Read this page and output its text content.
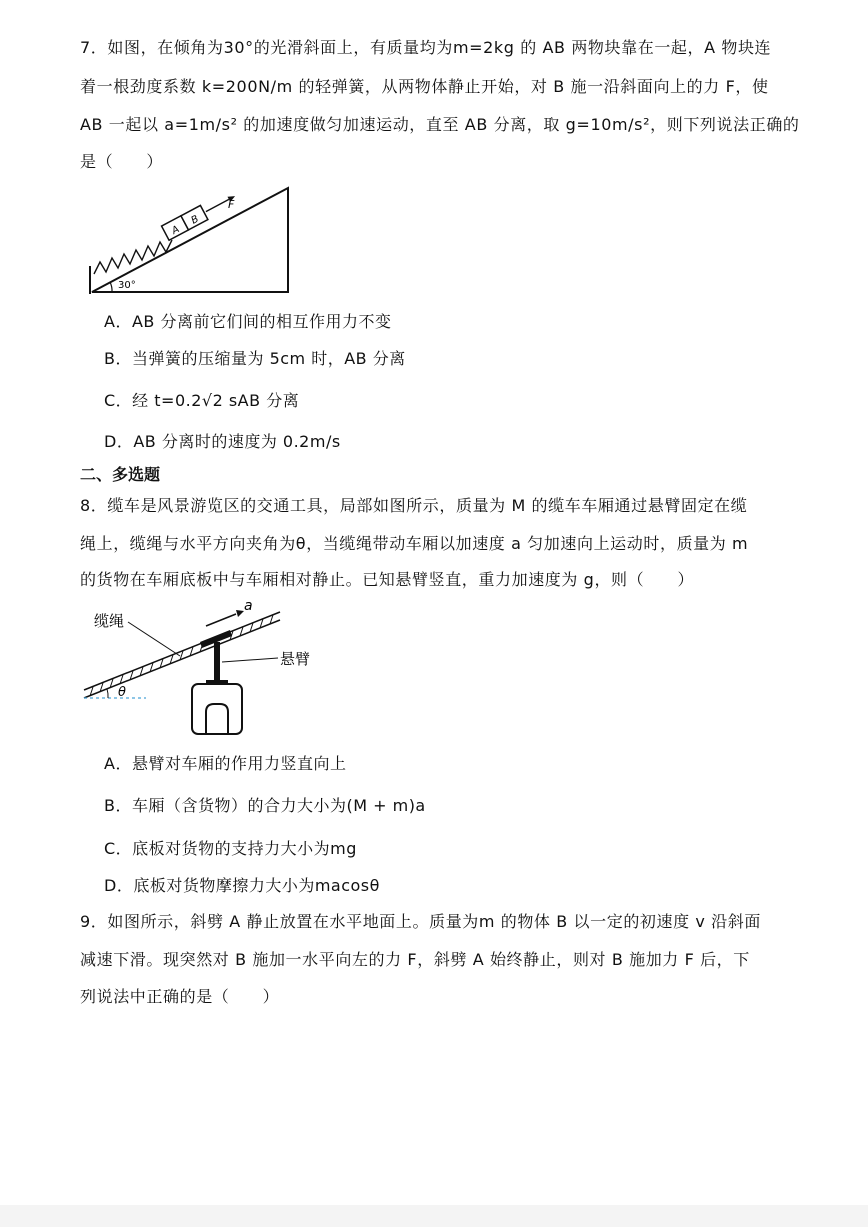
7．如图，在倾角为30°的光滑斜面上，有质量均为m=2kg 的 AB 两物块靠在一起，A 物块连
着一根劲度系数 k=200N/m 的轻弹簧，从两物体静止开始，对 B 施一沿斜面向上的力 F，使
AB 一起以 a=1m/s² 的加速度做匀加速运动，直至 AB 分离，取 g=10m/s²，则下列说法正确的
是（　　）
A
B
F
30°
A．AB 分离前它们间的相互作用力不变
B．当弹簧的压缩量为 5cm 时，AB 分离
C．经 t=0.2√2 sAB 分离
D．AB 分离时的速度为 0.2m/s
二、多选题
8．缆车是风景游览区的交通工具，局部如图所示，质量为 M 的缆车车厢通过悬臂固定在缆
绳上，缆绳与水平方向夹角为θ，当缆绳带动车厢以加速度 a 匀加速向上运动时，质量为 m
的货物在车厢底板中与车厢相对静止。已知悬臂竖直，重力加速度为 g，则（　　）
a
缆绳
悬臂
θ
A．悬臂对车厢的作用力竖直向上
B．车厢（含货物）的合力大小为(M + m)a
C．底板对货物的支持力大小为mg
D．底板对货物摩擦力大小为macosθ
9．如图所示，斜劈 A 静止放置在水平地面上。质量为m 的物体 B 以一定的初速度 v 沿斜面
减速下滑。现突然对 B 施加一水平向左的力 F，斜劈 A 始终静止，则对 B 施加力 F 后，下
列说法中正确的是（　　）
